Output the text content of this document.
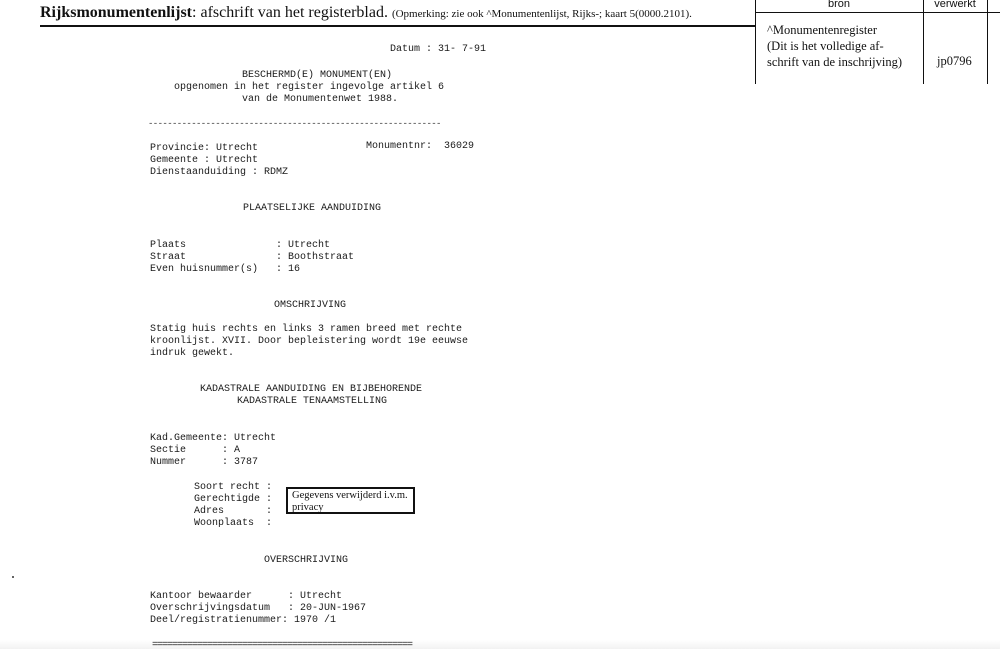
Rijksmonumentenlijst: afschrift van het registerblad. (Opmerking: zie ook ^Monumentenlijst, Rijks-; kaart 5(0000.2101).
bron	verwerkt
^Monumentenregister
(Dit is het volledige af-
schrift van de inschrijving)	jp0796
Datum : 31- 7-91
BESCHERMD(E) MONUMENT(EN)
opgenomen in het register ingevolge artikel 6
van de Monumentenwet 1988.
-------------------------------------------------------------
Provincie: Utrecht	Monumentnr: 36029
Gemeente : Utrecht
Dienstaanduiding : RDMZ
PLAATSELIJKE AANDUIDING
Plaats               : Utrecht
Straat               : Boothstraat
Even huisnummer(s)   : 16
OMSCHRIJVING
Statig huis rechts en links 3 ramen breed met rechte
kroonlijst. XVII. Door bepleistering wordt 19e eeuwse
indruk gewekt.
KADASTRALE AANDUIDING EN BIJBEHORENDE
KADASTRALE TENAAMSTELLING
Kad.Gemeente: Utrecht
Sectie      : A
Nummer      : 3787
Soort recht :
Gerechtigde :
Adres       :
Woonplaats  :
Gegevens verwijderd i.v.m. privacy
OVERSCHRIJVING
Kantoor bewaarder      : Utrecht
Overschrijvingsdatum   : 20-JUN-1967
Deel/registratienummer: 1970 /1
====================================================
